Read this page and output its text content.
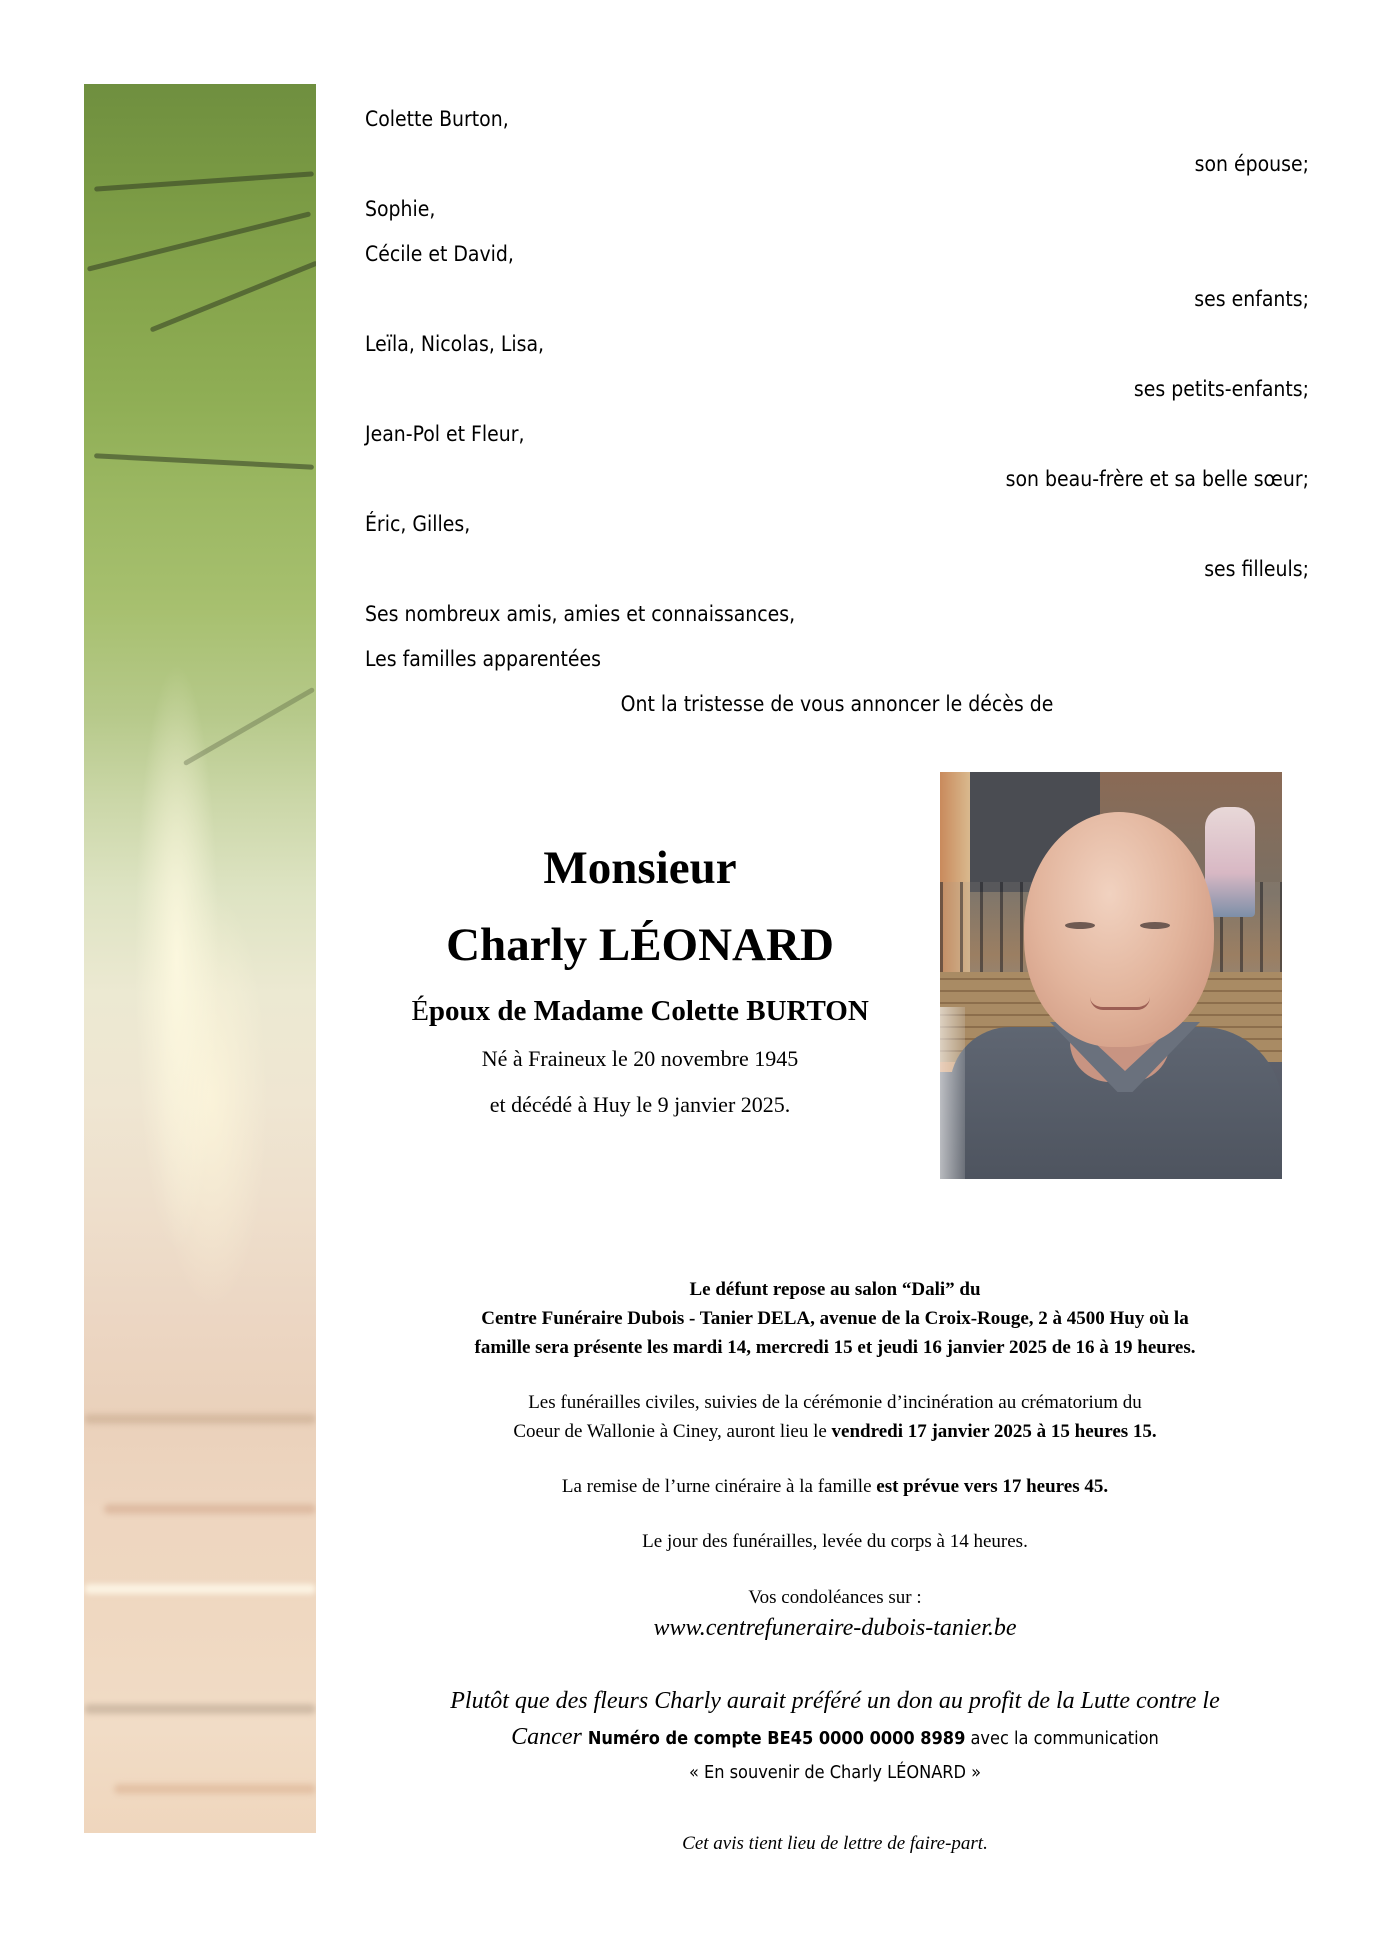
Colette Burton,
son épouse;
Sophie,
Cécile et David,
ses enfants;
Leïla, Nicolas, Lisa,
ses petits-enfants;
Jean-Pol et Fleur,
son beau-frère et sa belle sœur;
Éric, Gilles,
ses filleuls;
Ses nombreux amis, amies et connaissances,
Les familles apparentées
Ont la tristesse de vous annoncer le décès de
Monsieur
Charly LÉONARD
Époux de Madame Colette BURTON
Né à Fraineux le 20 novembre 1945
et décédé à Huy le 9 janvier 2025.
Le défunt repose au salon “Dali” du
Centre Funéraire Dubois - Tanier DELA, avenue de la Croix-Rouge, 2 à 4500 Huy où la
famille sera présente les mardi 14, mercredi 15 et jeudi 16 janvier 2025 de 16 à 19 heures.
Les funérailles civiles, suivies de la cérémonie d’incinération au crématorium du
Coeur de Wallonie à Ciney, auront lieu le vendredi 17 janvier 2025 à 15 heures 15.
La remise de l’urne cinéraire à la famille est prévue vers 17 heures 45.
Le jour des funérailles, levée du corps à 14 heures.
Vos condoléances sur :
www.centrefuneraire-dubois-tanier.be
Plutôt que des fleurs Charly aurait préféré un don au profit de la Lutte contre le
Cancer Numéro de compte BE45 0000 0000 8989 avec la communication
« En souvenir de Charly LÉONARD »
Cet avis tient lieu de lettre de faire-part.
